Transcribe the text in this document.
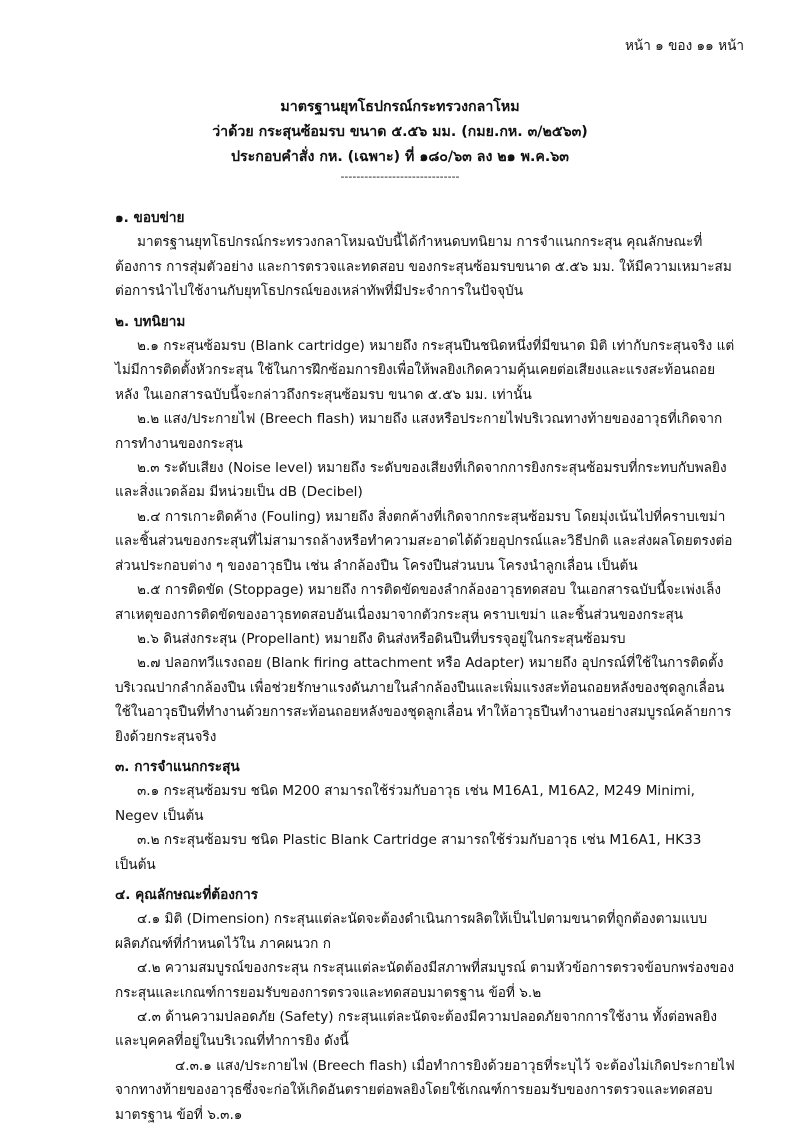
หน้า ๑ ของ ๑๑ หน้า
มาตรฐานยุทโธปกรณ์กระทรวงกลาโหม
ว่าด้วย กระสุนซ้อมรบ ขนาด ๕.๕๖ มม. (กมย.กห. ๓/๒๕๖๓)
ประกอบคำสั่ง กห. (เฉพาะ) ที่ ๑๘๐/๖๓ ลง ๒๑ พ.ค.๖๓
------------------------------
๑. ขอบข่าย

มาตรฐานยุทโธปกรณ์กระทรวงกลาโหมฉบับนี้ได้กำหนดบทนิยาม การจำแนกกระสุน คุณลักษณะที่ต้องการ การสุ่มตัวอย่าง และการตรวจและทดสอบ ของกระสุนซ้อมรบขนาด ๕.๕๖ มม. ให้มีความเหมาะสมต่อการนำไปใช้งานกับยุทโธปกรณ์ของเหล่าทัพที่มีประจำการในปัจจุบัน

๒. บทนิยาม

๒.๑ กระสุนซ้อมรบ (Blank cartridge) หมายถึง กระสุนปืนชนิดหนึ่งที่มีขนาด มิติ เท่ากับกระสุนจริง แต่ไม่มีการติดตั้งหัวกระสุน ใช้ในการฝึกซ้อมการยิงเพื่อให้พลยิงเกิดความคุ้นเคยต่อเสียงและแรงสะท้อนถอยหลัง ในเอกสารฉบับนี้จะกล่าวถึงกระสุนซ้อมรบ ขนาด ๕.๕๖ มม. เท่านั้น

๒.๒ แสง/ประกายไฟ (Breech flash) หมายถึง แสงหรือประกายไฟบริเวณทางท้ายของอาวุธที่เกิดจากการทำงานของกระสุน

๒.๓ ระดับเสียง (Noise level) หมายถึง ระดับของเสียงที่เกิดจากการยิงกระสุนซ้อมรบที่กระทบกับพลยิงและสิ่งแวดล้อม มีหน่วยเป็น dB (Decibel)

๒.๔ การเกาะติดค้าง (Fouling) หมายถึง สิ่งตกค้างที่เกิดจากกระสุนซ้อมรบ โดยมุ่งเน้นไปที่คราบเขม่าและชิ้นส่วนของกระสุนที่ไม่สามารถล้างหรือทำความสะอาดได้ด้วยอุปกรณ์และวิธีปกติ และส่งผลโดยตรงต่อส่วนประกอบต่าง ๆ ของอาวุธปืน เช่น ลำกล้องปืน โครงปืนส่วนบน โครงนำลูกเลื่อน เป็นต้น

๒.๕ การติดขัด (Stoppage) หมายถึง การติดขัดของลำกล้องอาวุธทดสอบ ในเอกสารฉบับนี้จะเพ่งเล็งสาเหตุของการติดขัดของอาวุธทดสอบอันเนื่องมาจากตัวกระสุน คราบเขม่า และชิ้นส่วนของกระสุน

๒.๖ ดินส่งกระสุน (Propellant) หมายถึง ดินส่งหรือดินปืนที่บรรจุอยู่ในกระสุนซ้อมรบ

๒.๗ ปลอกทวีแรงถอย (Blank firing attachment หรือ Adapter) หมายถึง อุปกรณ์ที่ใช้ในการติดตั้งบริเวณปากลำกล้องปืน เพื่อช่วยรักษาแรงดันภายในลำกล้องปืนและเพิ่มแรงสะท้อนถอยหลังของชุดลูกเลื่อนใช้ในอาวุธปืนที่ทำงานด้วยการสะท้อนถอยหลังของชุดลูกเลื่อน ทำให้อาวุธปืนทำงานอย่างสมบูรณ์คล้ายการยิงด้วยกระสุนจริง

๓. การจำแนกกระสุน

๓.๑ กระสุนซ้อมรบ ชนิด M200 สามารถใช้ร่วมกับอาวุธ เช่น M16A1, M16A2, M249 Minimi, Negev เป็นต้น

๓.๒ กระสุนซ้อมรบ ชนิด Plastic Blank Cartridge สามารถใช้ร่วมกับอาวุธ เช่น M16A1, HK33 เป็นต้น

๔. คุณลักษณะที่ต้องการ

๔.๑ มิติ (Dimension) กระสุนแต่ละนัดจะต้องดำเนินการผลิตให้เป็นไปตามขนาดที่ถูกต้องตามแบบผลิตภัณฑ์ที่กำหนดไว้ใน ภาคผนวก ก

๔.๒ ความสมบูรณ์ของกระสุน กระสุนแต่ละนัดต้องมีสภาพที่สมบูรณ์ ตามหัวข้อการตรวจข้อบกพร่องของกระสุนและเกณฑ์การยอมรับของการตรวจและทดสอบมาตรฐาน ข้อที่ ๖.๒

๔.๓ ด้านความปลอดภัย (Safety) กระสุนแต่ละนัดจะต้องมีความปลอดภัยจากการใช้งาน ทั้งต่อพลยิงและบุคคลที่อยู่ในบริเวณที่ทำการยิง ดังนี้

๔.๓.๑ แสง/ประกายไฟ (Breech flash) เมื่อทำการยิงด้วยอาวุธที่ระบุไว้ จะต้องไม่เกิดประกายไฟจากทางท้ายของอาวุธซึ่งจะก่อให้เกิดอันตรายต่อพลยิงโดยใช้เกณฑ์การยอมรับของการตรวจและทดสอบมาตรฐาน ข้อที่ ๖.๓.๑
